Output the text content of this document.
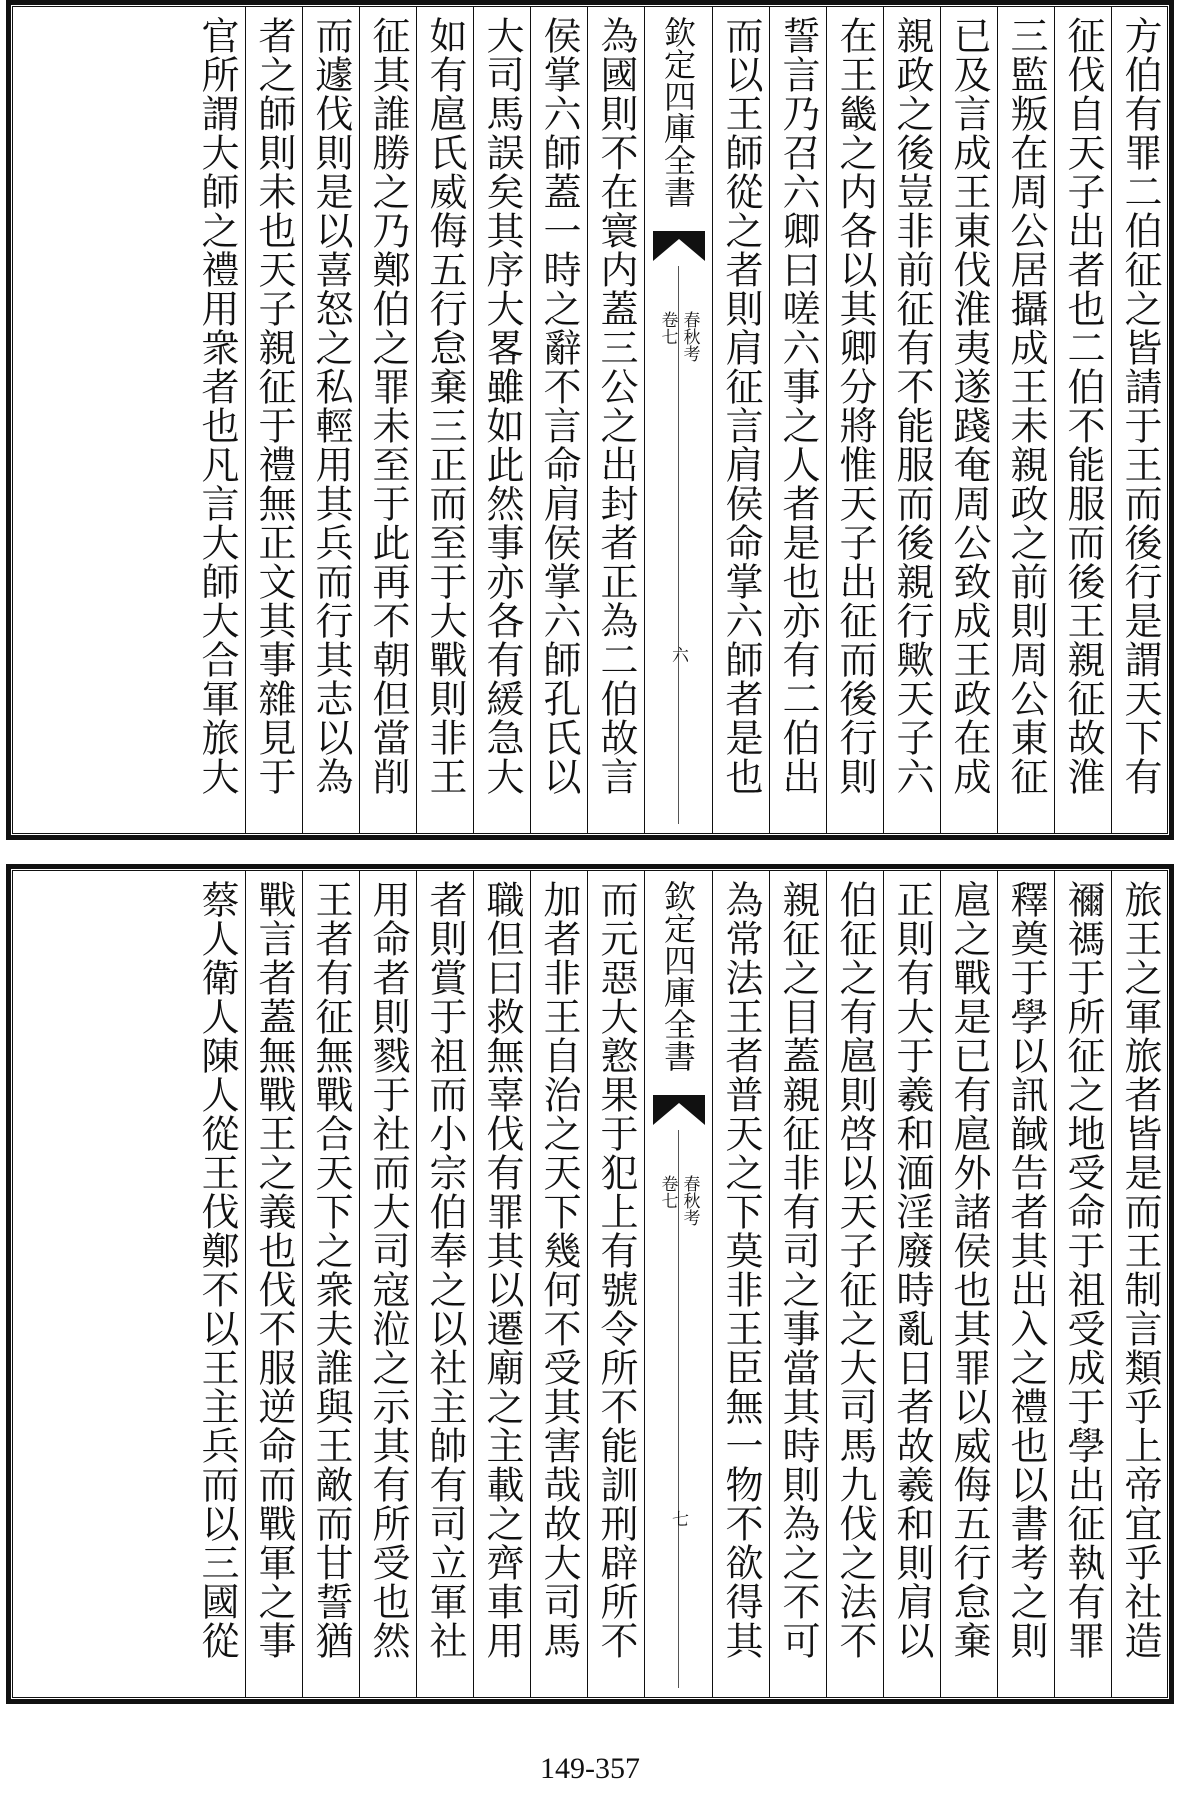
方伯有罪二伯征之皆請于王而後行是謂天下有
征伐自天子出者也二伯不能服而後王親征故淮
三監叛在周公居攝成王未親政之前則周公東征
已及言成王東伐淮夷遂踐奄周公致成王政在成
親政之後豈非前征有不能服而後親行歟天子六
在王畿之内各以其卿分將惟天子出征而後行則
誓言乃召六卿曰嗟六事之人者是也亦有二伯出
而以王師從之者則肩征言肩侯命掌六師者是也
欽定四庫全書
春秋考
卷七
六
為國則不在寰内蓋三公之出封者正為二伯故言
侯掌六師蓋一時之辭不言命肩侯掌六師孔氏以
大司馬誤矣其序大畧雖如此然事亦各有緩急大
如有扈氏威侮五行怠棄三正而至于大戰則非王
征其誰勝之乃鄭伯之罪未至于此再不朝但當削
而遽伐則是以喜怒之私輕用其兵而行其志以為
者之師則未也天子親征于禮無正文其事雜見于
官所謂大師之禮用衆者也凡言大師大合軍旅大
旅王之軍旅者皆是而王制言類乎上帝宜乎社造
禰禡于所征之地受命于祖受成于學出征執有罪
釋奠于學以訊馘告者其出入之禮也以書考之則
扈之戰是已有扈外諸侯也其罪以威侮五行怠棄
正則有大于羲和湎淫廢時亂日者故羲和則肩以
伯征之有扈則啓以天子征之大司馬九伐之法不
親征之目蓋親征非有司之事當其時則為之不可
為常法王者普天之下莫非王臣無一物不欲得其
欽定四庫全書
春秋考
卷七
七
而元惡大憝果于犯上有號令所不能訓刑辟所不
加者非王自治之天下幾何不受其害哉故大司馬
職但曰救無辜伐有罪其以遷廟之主載之齊車用
者則賞于祖而小宗伯奉之以社主帥有司立軍社
用命者則戮于社而大司寇涖之示其有所受也然
王者有征無戰合天下之衆夫誰與王敵而甘誓猶
戰言者蓋無戰王之義也伐不服逆命而戰軍之事
蔡人衛人陳人從王伐鄭不以王主兵而以三國從
149-357
